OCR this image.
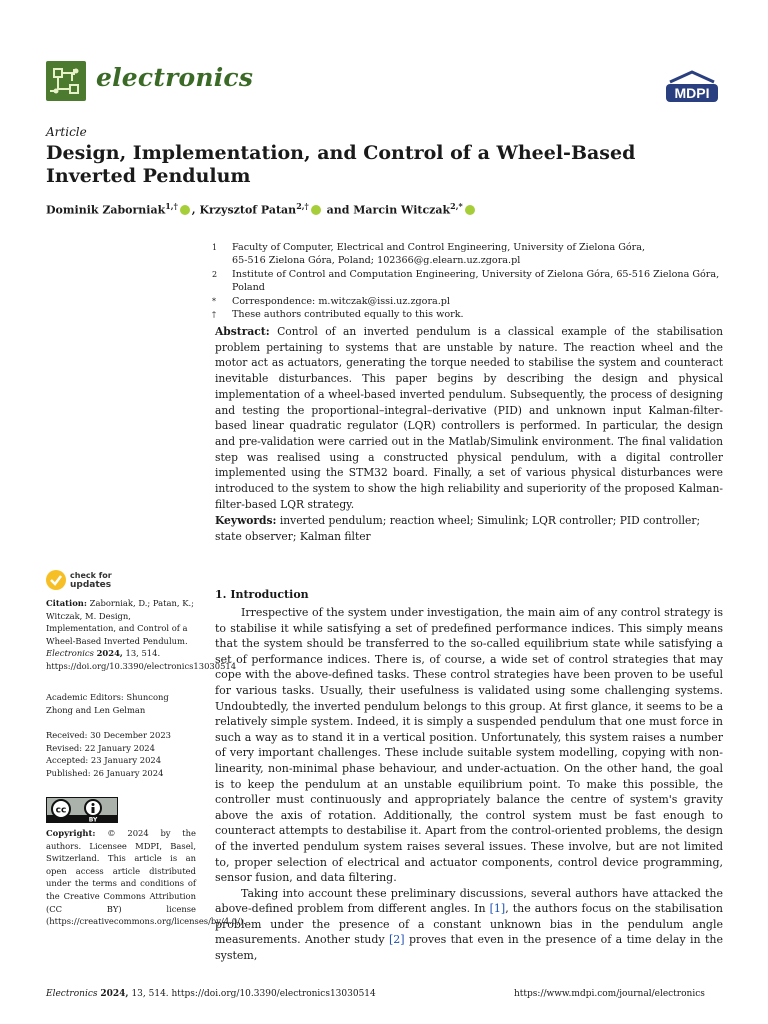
electronics
MDPI
Article
Design, Implementation, and Control of a Wheel-Based Inverted Pendulum
Dominik Zaborniak$^{1,\dagger}$ , Krzysztof Patan$^{2,\dagger}$ and Marcin Witczak$^{2,*}$
1	Faculty of Computer, Electrical and Control Engineering, University of Zielona Góra,
65-516 Zielona Góra, Poland; 102366@g.elearn.uz.zgora.pl
2	Institute of Control and Computation Engineering, University of Zielona Góra, 65-516 Zielona Góra, Poland
*	Correspondence: m.witczak@issi.uz.zgora.pl
†	These authors contributed equally to this work.
Abstract: Control of an inverted pendulum is a classical example of the stabilisation problem pertaining to systems that are unstable by nature. The reaction wheel and the motor act as actuators, generating the torque needed to stabilise the system and counteract inevitable disturbances. This paper begins by describing the design and physical implementation of a wheel-based inverted pendulum. Subsequently, the process of designing and testing the proportional–integral–derivative (PID) and unknown input Kalman-filter-based linear quadratic regulator (LQR) controllers is performed. In particular, the design and pre-validation were carried out in the Matlab/Simulink environment. The final validation step was realised using a constructed physical pendulum, with a digital controller implemented using the STM32 board. Finally, a set of various physical disturbances were introduced to the system to show the high reliability and superiority of the proposed Kalman-filter-based LQR strategy.
Keywords: inverted pendulum; reaction wheel; Simulink; LQR controller; PID controller; state observer; Kalman filter
check for
updates
Citation: Zaborniak, D.; Patan, K.; Witczak, M. Design, Implementation, and Control of a Wheel-Based Inverted Pendulum. Electronics 2024, 13, 514. https://doi.org/10.3390/electronics13030514
Academic Editors: Shuncong Zhong and Len Gelman
Received: 30 December 2023
Revised: 22 January 2024
Accepted: 23 January 2024
Published: 26 January 2024
cc
BY
Copyright: © 2024 by the authors. Licensee MDPI, Basel, Switzerland. This article is an open access article distributed under the terms and conditions of the Creative Commons Attribution (CC BY) license (https://creativecommons.org/licenses/by/4.0/).
1. Introduction

Irrespective of the system under investigation, the main aim of any control strategy is to stabilise it while satisfying a set of predefined performance indices. This simply means that the system should be transferred to the so-called equilibrium state while satisfying a set of performance indices. There is, of course, a wide set of control strategies that may cope with the above-defined tasks. These control strategies have been proven to be useful for various tasks. Usually, their usefulness is validated using some challenging systems. Undoubtedly, the inverted pendulum belongs to this group. At first glance, it seems to be a relatively simple system. Indeed, it is simply a suspended pendulum that one must force in such a way as to stand it in a vertical position. Unfortunately, this system raises a number of very important challenges. These include suitable system modelling, copying with non-linearity, non-minimal phase behaviour, and under-actuation. On the other hand, the goal is to keep the pendulum at an unstable equilibrium point. To make this possible, the controller must continuously and appropriately balance the centre of system's gravity above the axis of rotation. Additionally, the control system must be fast enough to counteract attempts to destabilise it. Apart from the control-oriented problems, the design of the inverted pendulum system raises several issues. These involve, but are not limited to, proper selection of electrical and actuator components, control device programming, sensor fusion, and data filtering.

Taking into account these preliminary discussions, several authors have attacked the above-defined problem from different angles. In [1], the authors focus on the stabilisation problem under the presence of a constant unknown bias in the pendulum angle measurements. Another study [2] proves that even in the presence of a time delay in the system,

Electronics 2024, 13, 514. https://doi.org/10.3390/electronics13030514	https://www.mdpi.com/journal/electronics
